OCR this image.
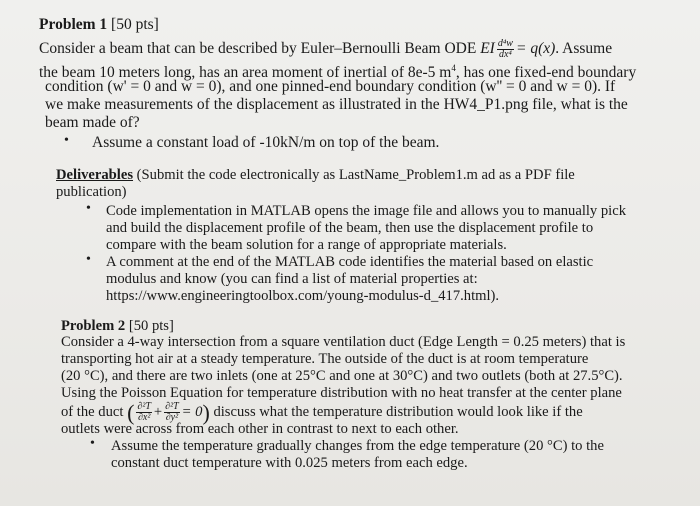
Problem 1 [50 pts]
Consider a beam that can be described by Euler–Bernoulli Beam ODE EI $\frac{\text{d⁴w}}{\text{dx⁴}} = q(x)$. Assume
the beam 10 meters long, has an area moment of inertial of 8e-5 $m^4$, has one fixed-end boundary
condition (w' = 0 and w = 0), and one pinned-end boundary condition (w'' = 0 and w = 0). If
we make measurements of the displacement as illustrated in the HW4_P1.png file, what is the
beam made of?
• Assume a constant load of -10kN/m on top of the beam.
Deliverables (Submit the code electronically as LastName_Problem1.m ad as a PDF file
publication)
• Code implementation in MATLAB opens the image file and allows you to manually pick
and build the displacement profile of the beam, then use the displacement profile to
compare with the beam solution for a range of appropriate materials.
• A comment at the end of the MATLAB code identifies the material based on elastic
modulus and know (you can find a list of material properties at:
https://www.engineeringtoolbox.com/young-modulus-d_417.html).
Problem 2 [50 pts]
Consider a 4-way intersection from a square ventilation duct (Edge Length = 0.25 meters) that is
transporting hot air at a steady temperature. The outside of the duct is at room temperature
(20 °C), and there are two inlets (one at 25°C and one at 30°C) and two outlets (both at 27.5°C).
Using the Poisson Equation for temperature distribution with no heat transfer at the center plane
of the duct ( $\frac{\text{∂²T}}{\text{∂x²}} + \frac{\text{∂²T}}{\text{∂y²}} = 0$) discuss what the temperature distribution would look like if the
outlets were across from each other in contrast to next to each other.
• Assume the temperature gradually changes from the edge temperature (20 °C) to the
constant duct temperature with 0.025 meters from each edge.
